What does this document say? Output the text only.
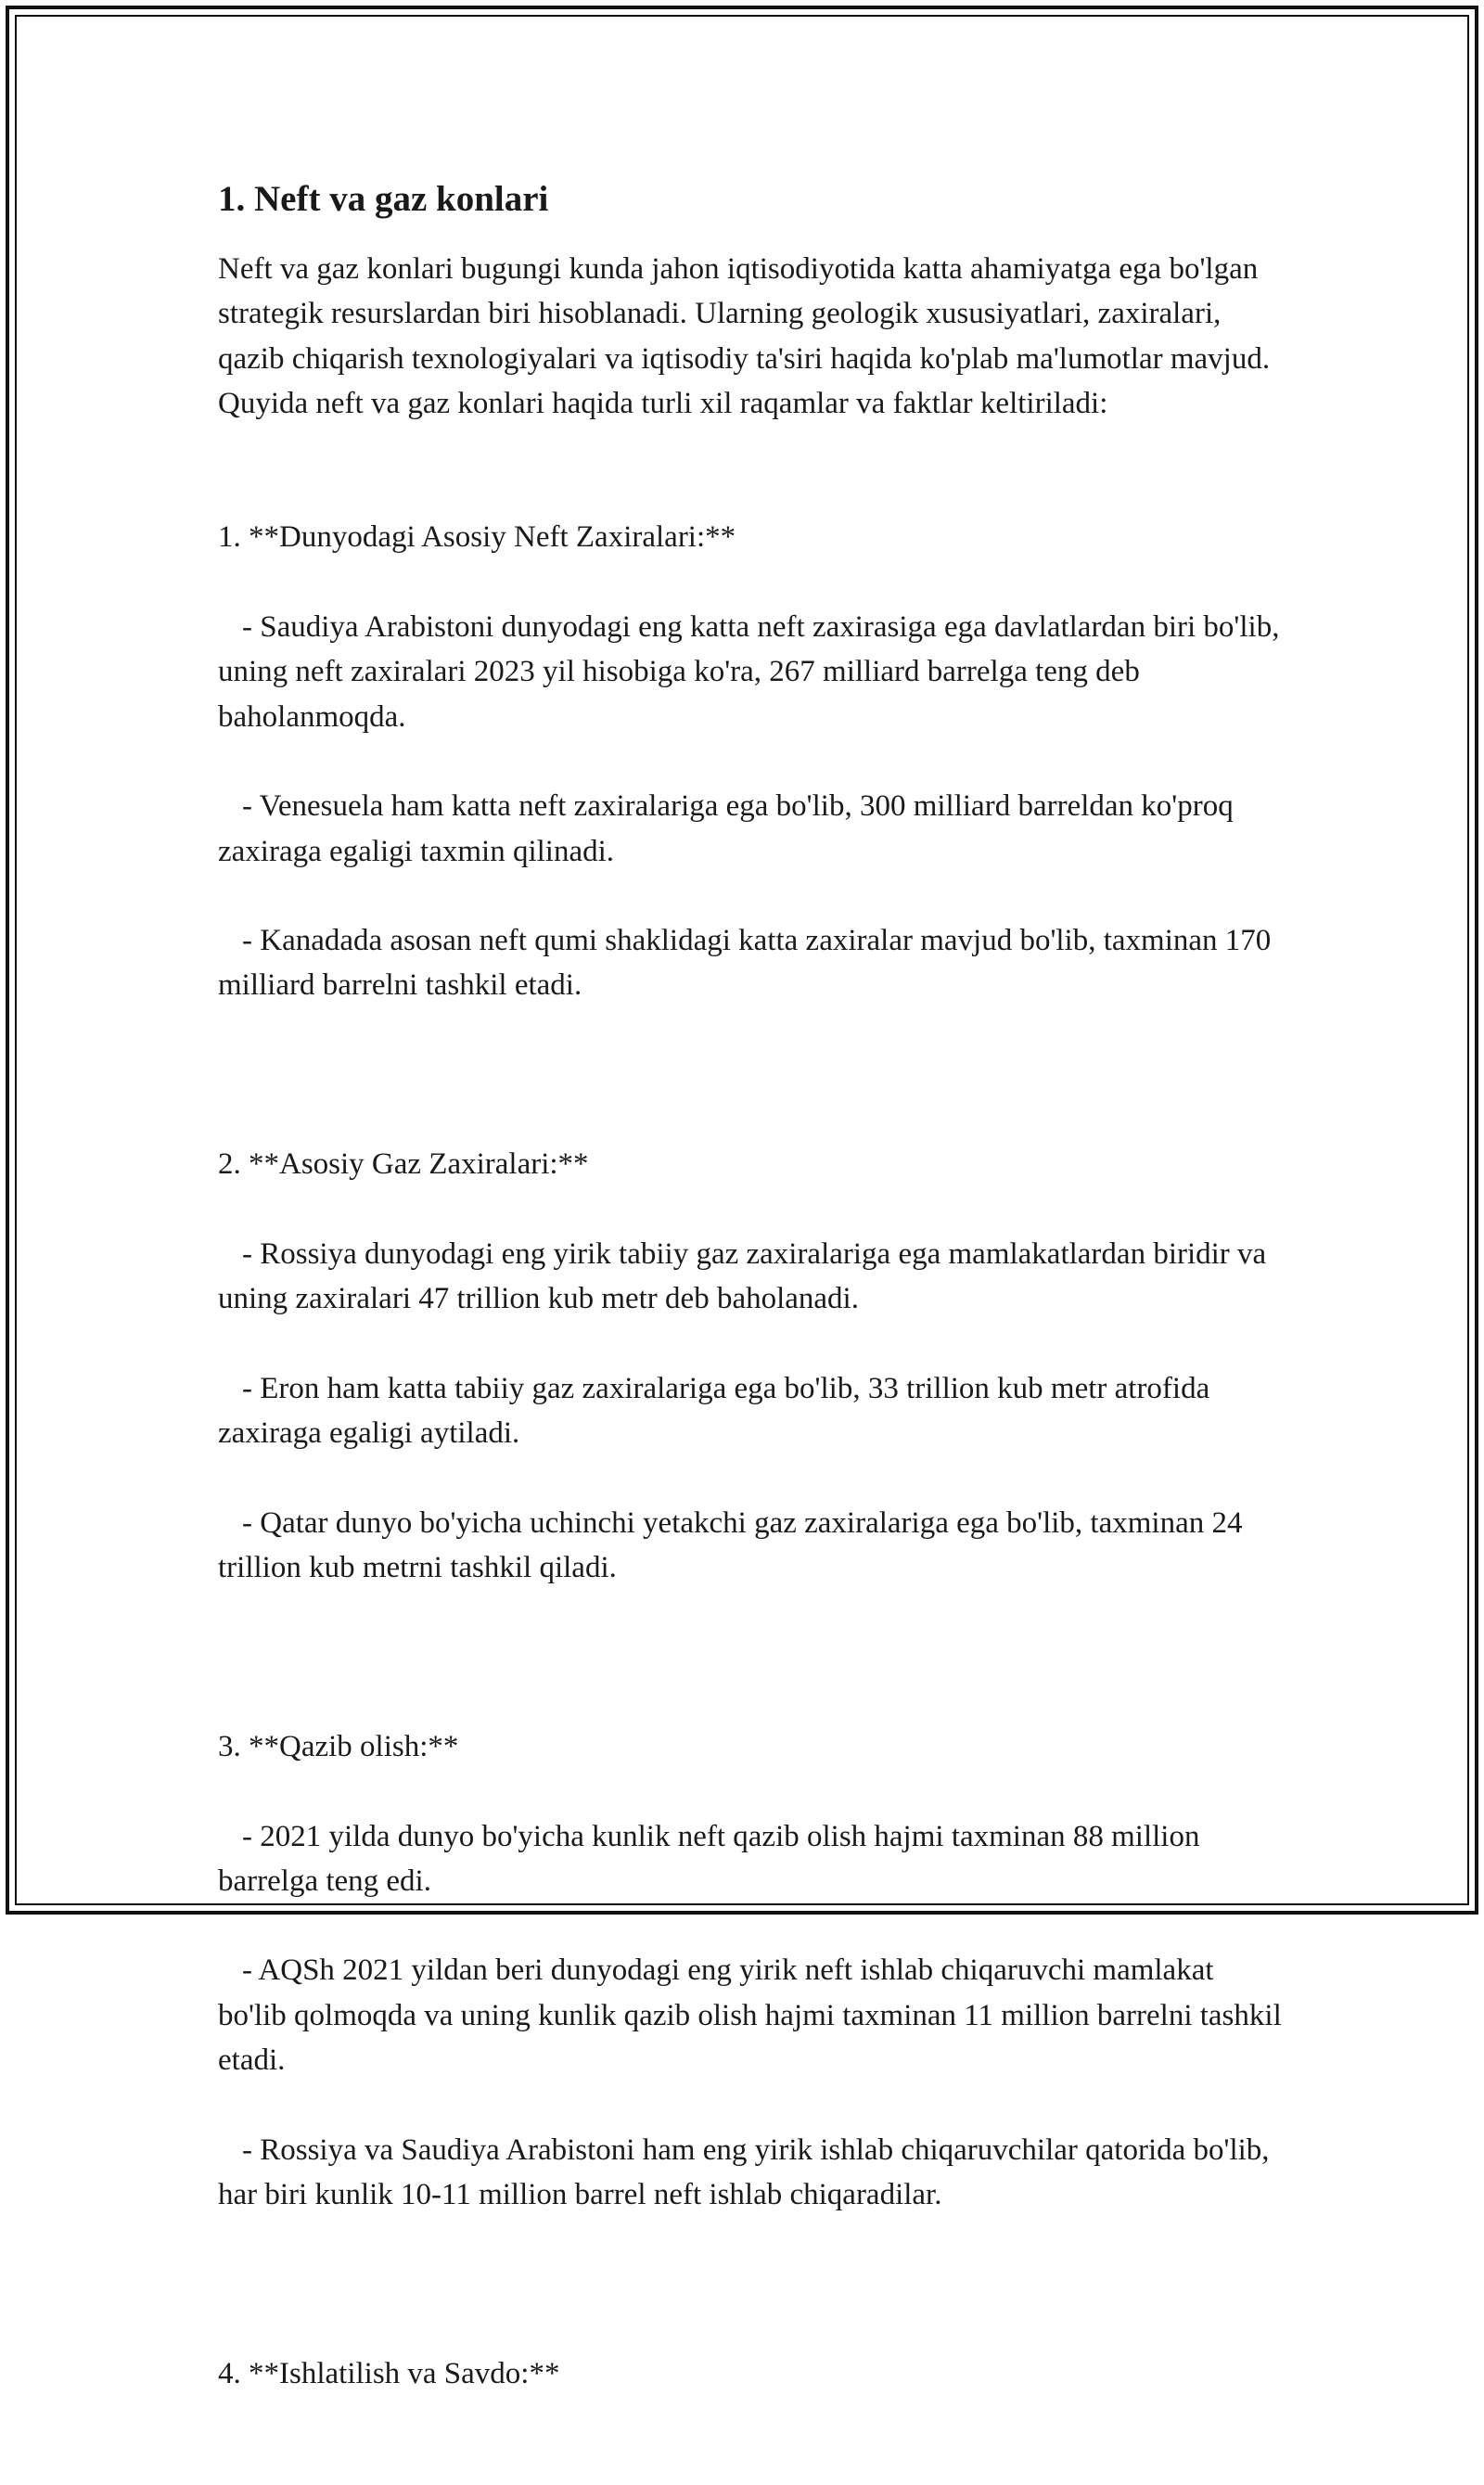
1. Neft va gaz konlari
Neft va gaz konlari bugungi kunda jahon iqtisodiyotida katta ahamiyatga ega bo'lgan strategik resurslardan biri hisoblanadi. Ularning geologik xususiyatlari, zaxiralari, qazib chiqarish texnologiyalari va iqtisodiy ta'siri haqida ko'plab ma'lumotlar mavjud. Quyida neft va gaz konlari haqida turli xil raqamlar va faktlar keltiriladi:

1. **Dunyodagi Asosiy Neft Zaxiralari:**

- Saudiya Arabistoni dunyodagi eng katta neft zaxirasiga ega davlatlardan biri bo'lib, uning neft zaxiralari 2023 yil hisobiga ko'ra, 267 milliard barrelga teng deb baholanmoqda.

- Venesuela ham katta neft zaxiralariga ega bo'lib, 300 milliard barreldan ko'proq zaxiraga egaligi taxmin qilinadi.

- Kanadada asosan neft qumi shaklidagi katta zaxiralar mavjud bo'lib, taxminan 170 milliard barrelni tashkil etadi.

2. **Asosiy Gaz Zaxiralari:**

- Rossiya dunyodagi eng yirik tabiiy gaz zaxiralariga ega mamlakatlardan biridir va uning zaxiralari 47 trillion kub metr deb baholanadi.

- Eron ham katta tabiiy gaz zaxiralariga ega bo'lib, 33 trillion kub metr atrofida zaxiraga egaligi aytiladi.

- Qatar dunyo bo'yicha uchinchi yetakchi gaz zaxiralariga ega bo'lib, taxminan 24 trillion kub metrni tashkil qiladi.

3. **Qazib olish:**

- 2021 yilda dunyo bo'yicha kunlik neft qazib olish hajmi taxminan 88 million barrelga teng edi.

- AQSh 2021 yildan beri dunyodagi eng yirik neft ishlab chiqaruvchi mamlakat bo'lib qolmoqda va uning kunlik qazib olish hajmi taxminan 11 million barrelni tashkil etadi.

- Rossiya va Saudiya Arabistoni ham eng yirik ishlab chiqaruvchilar qatorida bo'lib, har biri kunlik 10-11 million barrel neft ishlab chiqaradilar.

4. **Ishlatilish va Savdo:**
